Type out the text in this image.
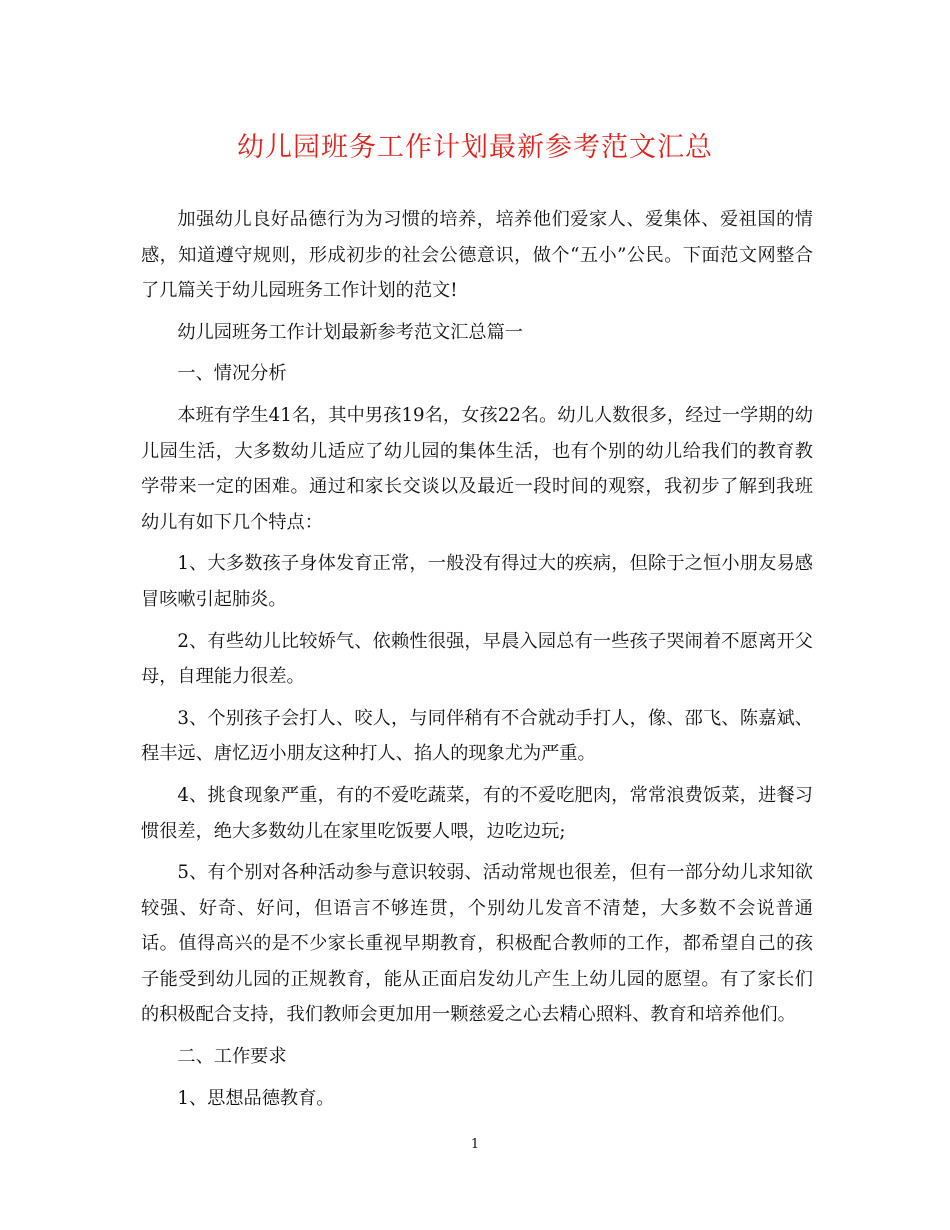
幼儿园班务工作计划最新参考范文汇总

加强幼儿良好品德行为为习惯的培养，培养他们爱家人、爱集体、爱祖国的情感，知道遵守规则，形成初步的社会公德意识，做个“五小”公民。下面范文网整合了几篇关于幼儿园班务工作计划的范文!

幼儿园班务工作计划最新参考范文汇总篇一

一、情况分析

本班有学生41名，其中男孩19名，女孩22名。幼儿人数很多，经过一学期的幼儿园生活，大多数幼儿适应了幼儿园的集体生活，也有个别的幼儿给我们的教育教学带来一定的困难。通过和家长交谈以及最近一段时间的观察，我初步了解到我班幼儿有如下几个特点：

1、大多数孩子身体发育正常，一般没有得过大的疾病，但除于之恒小朋友易感冒咳嗽引起肺炎。

2、有些幼儿比较娇气、依赖性很强，早晨入园总有一些孩子哭闹着不愿离开父母，自理能力很差。

3、个别孩子会打人、咬人，与同伴稍有不合就动手打人，像、邵飞、陈嘉斌、程丰远、唐忆迈小朋友这种打人、掐人的现象尤为严重。

4、挑食现象严重，有的不爱吃蔬菜，有的不爱吃肥肉，常常浪费饭菜，进餐习惯很差，绝大多数幼儿在家里吃饭要人喂，边吃边玩;

5、有个别对各种活动参与意识较弱、活动常规也很差，但有一部分幼儿求知欲较强、好奇、好问，但语言不够连贯，个别幼儿发音不清楚，大多数不会说普通话。值得高兴的是不少家长重视早期教育，积极配合教师的工作，都希望自己的孩子能受到幼儿园的正规教育，能从正面启发幼儿产生上幼儿园的愿望。有了家长们的积极配合支持，我们教师会更加用一颗慈爱之心去精心照料、教育和培养他们。

二、工作要求

1、思想品德教育。

1
